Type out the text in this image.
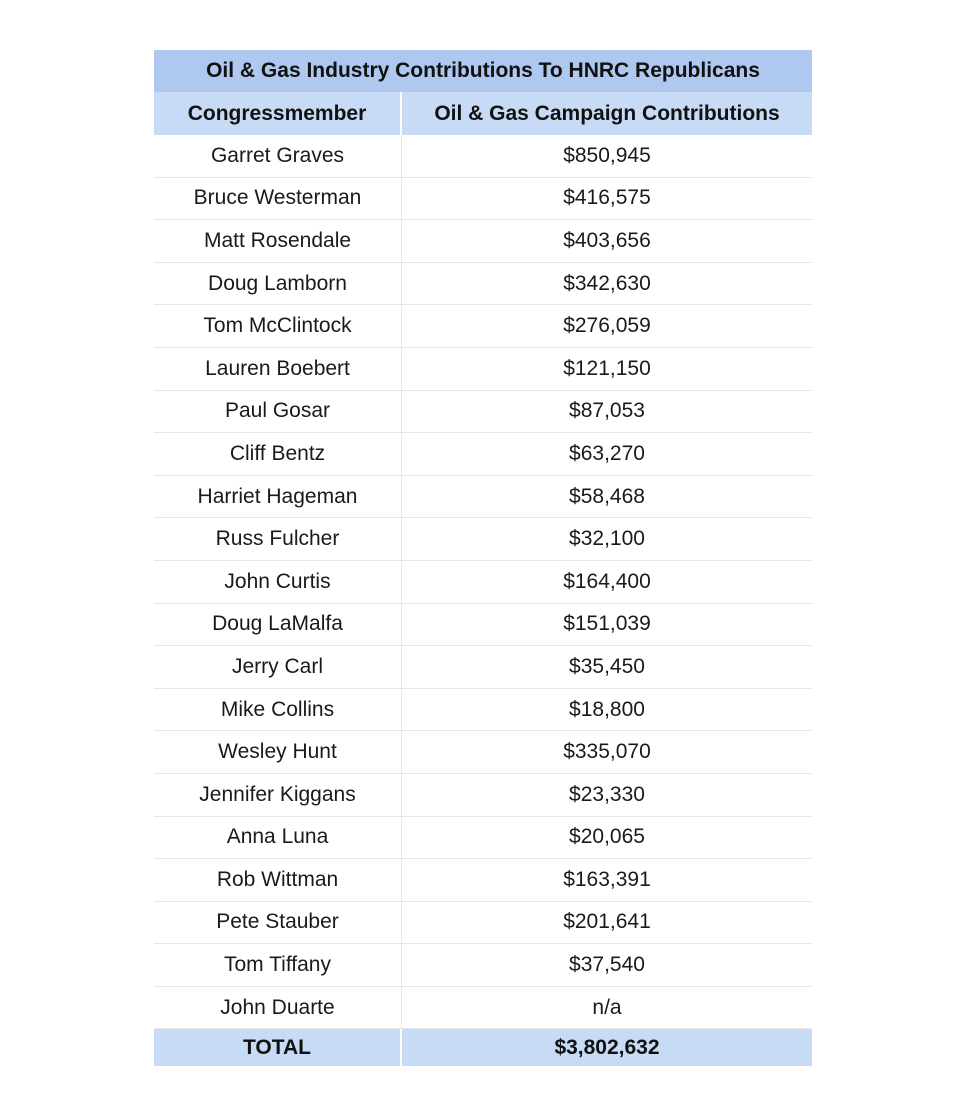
Oil & Gas Industry Contributions To HNRC Republicans
Congressmember	Oil & Gas Campaign Contributions
Garret Graves	$850,945
Bruce Westerman	$416,575
Matt Rosendale	$403,656
Doug Lamborn	$342,630
Tom McClintock	$276,059
Lauren Boebert	$121,150
Paul Gosar	$87,053
Cliff Bentz	$63,270
Harriet Hageman	$58,468
Russ Fulcher	$32,100
John Curtis	$164,400
Doug LaMalfa	$151,039
Jerry Carl	$35,450
Mike Collins	$18,800
Wesley Hunt	$335,070
Jennifer Kiggans	$23,330
Anna Luna	$20,065
Rob Wittman	$163,391
Pete Stauber	$201,641
Tom Tiffany	$37,540
John Duarte	n/a
TOTAL	$3,802,632
